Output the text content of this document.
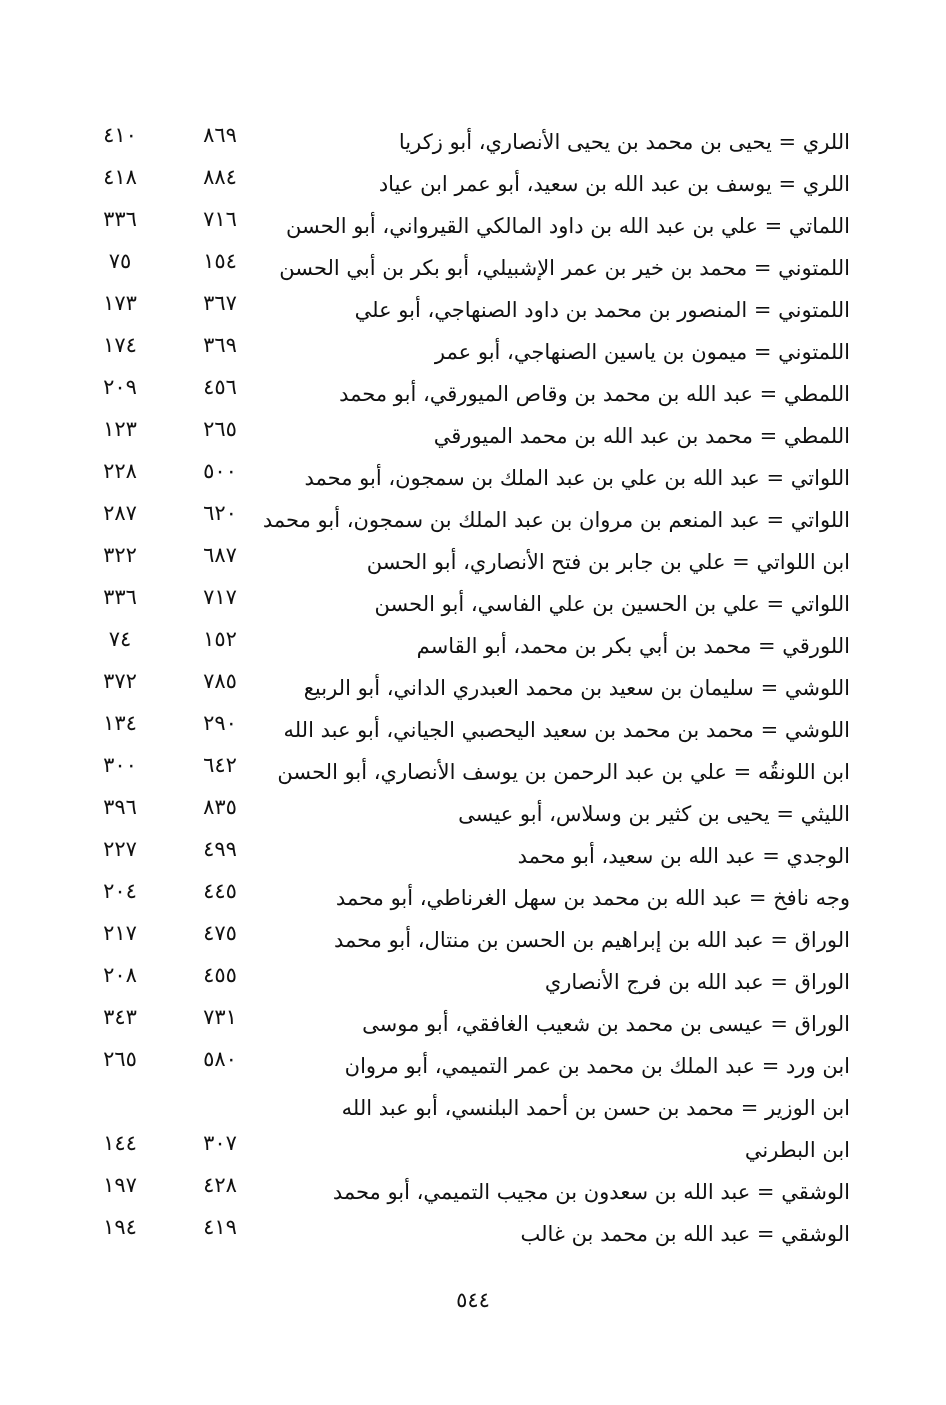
اللري = يحيى بن محمد بن يحيى الأنصاري، أبو زكريا
٨٦٩
٤١٠
اللري = يوسف بن عبد الله بن سعيد، أبو عمر ابن عياد
٨٨٤
٤١٨
اللماتي = علي بن عبد الله بن داود المالكي القيرواني، أبو الحسن
٧١٦
٣٣٦
اللمتوني = محمد بن خير بن عمر الإشبيلي، أبو بكر بن أبي الحسن
١٥٤
٧٥
اللمتوني = المنصور بن محمد بن داود الصنهاجي، أبو علي
٣٦٧
١٧٣
اللمتوني = ميمون بن ياسين الصنهاجي، أبو عمر
٣٦٩
١٧٤
اللمطي = عبد الله بن محمد بن وقاص الميورقي، أبو محمد
٤٥٦
٢٠٩
اللمطي = محمد بن عبد الله بن محمد الميورقي
٢٦٥
١٢٣
اللواتي = عبد الله بن علي بن عبد الملك بن سمجون، أبو محمد
٥٠٠
٢٢٨
اللواتي = عبد المنعم بن مروان بن عبد الملك بن سمجون، أبو محمد
٦٢٠
٢٨٧
ابن اللواتي = علي بن جابر بن فتح الأنصاري، أبو الحسن
٦٨٧
٣٢٢
اللواتي = علي بن الحسين بن علي الفاسي، أبو الحسن
٧١٧
٣٣٦
اللورقي = محمد بن أبي بكر بن محمد، أبو القاسم
١٥٢
٧٤
اللوشي = سليمان بن سعيد بن محمد العبدري الداني، أبو الربيع
٧٨٥
٣٧٢
اللوشي = محمد بن محمد بن سعيد اليحصبي الجياني، أبو عبد الله
٢٩٠
١٣٤
ابن اللونقُه = علي بن عبد الرحمن بن يوسف الأنصاري، أبو الحسن
٦٤٢
٣٠٠
الليثي = يحيى بن كثير بن وسلاس، أبو عيسى
٨٣٥
٣٩٦
الوجدي = عبد الله بن سعيد، أبو محمد
٤٩٩
٢٢٧
وجه نافخ = عبد الله بن محمد بن سهل الغرناطي، أبو محمد
٤٤٥
٢٠٤
الوراق = عبد الله بن إبراهيم بن الحسن بن منتال، أبو محمد
٤٧٥
٢١٧
الوراق = عبد الله بن فرج الأنصاري
٤٥٥
٢٠٨
الوراق = عيسى بن محمد بن شعيب الغافقي، أبو موسى
٧٣١
٣٤٣
ابن ورد = عبد الملك بن محمد بن عمر التميمي، أبو مروان
٥٨٠
٢٦٥
ابن الوزير = محمد بن حسن بن أحمد البلنسي، أبو عبد الله ابن البطرني
٣٠٧
١٤٤
الوشقي = عبد الله بن سعدون بن مجيب التميمي، أبو محمد
٤٢٨
١٩٧
الوشقي = عبد الله بن محمد بن غالب
٤١٩
١٩٤
٥٤٤
